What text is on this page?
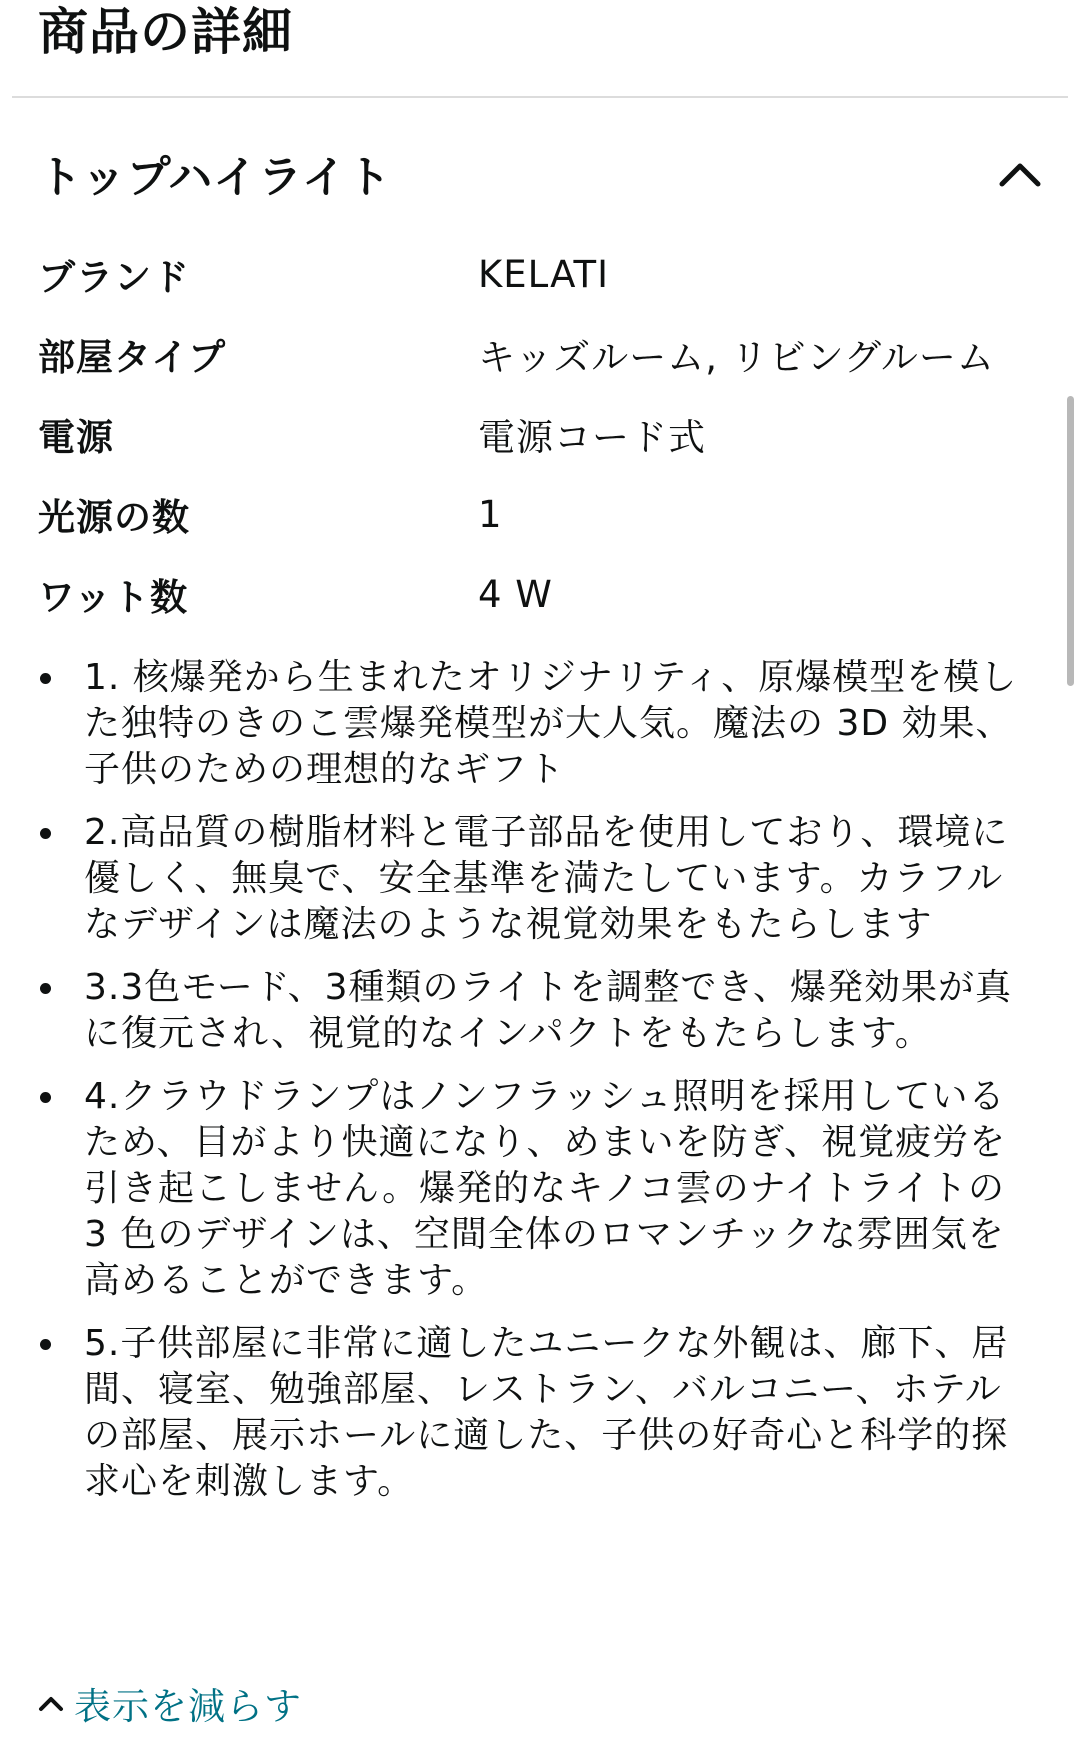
商品の詳細
トップハイライト
ブランド	KELATI
部屋タイプ	キッズルーム, リビングルーム
電源	電源コード式
光源の数	1
ワット数	4 W
1. 核爆発から生まれたオリジナリティ、原爆模型を模した独特のきのこ雲爆発模型が大人気。魔法の 3D 効果、子供のための理想的なギフト
2.高品質の樹脂材料と電子部品を使用しており、環境に優しく、無臭で、安全基準を満たしています。カラフルなデザインは魔法のような視覚効果をもたらします
3.3色モード、3種類のライトを調整でき、爆発効果が真に復元され、視覚的なインパクトをもたらします。
4.クラウドランプはノンフラッシュ照明を採用しているため、目がより快適になり、めまいを防ぎ、視覚疲労を引き起こしません。爆発的なキノコ雲のナイトライトの 3 色のデザインは、空間全体のロマンチックな雰囲気を高めることができます。
5.子供部屋に非常に適したユニークな外観は、廊下、居間、寝室、勉強部屋、レストラン、バルコニー、ホテルの部屋、展示ホールに適した、子供の好奇心と科学的探求心を刺激します。
表示を減らす
